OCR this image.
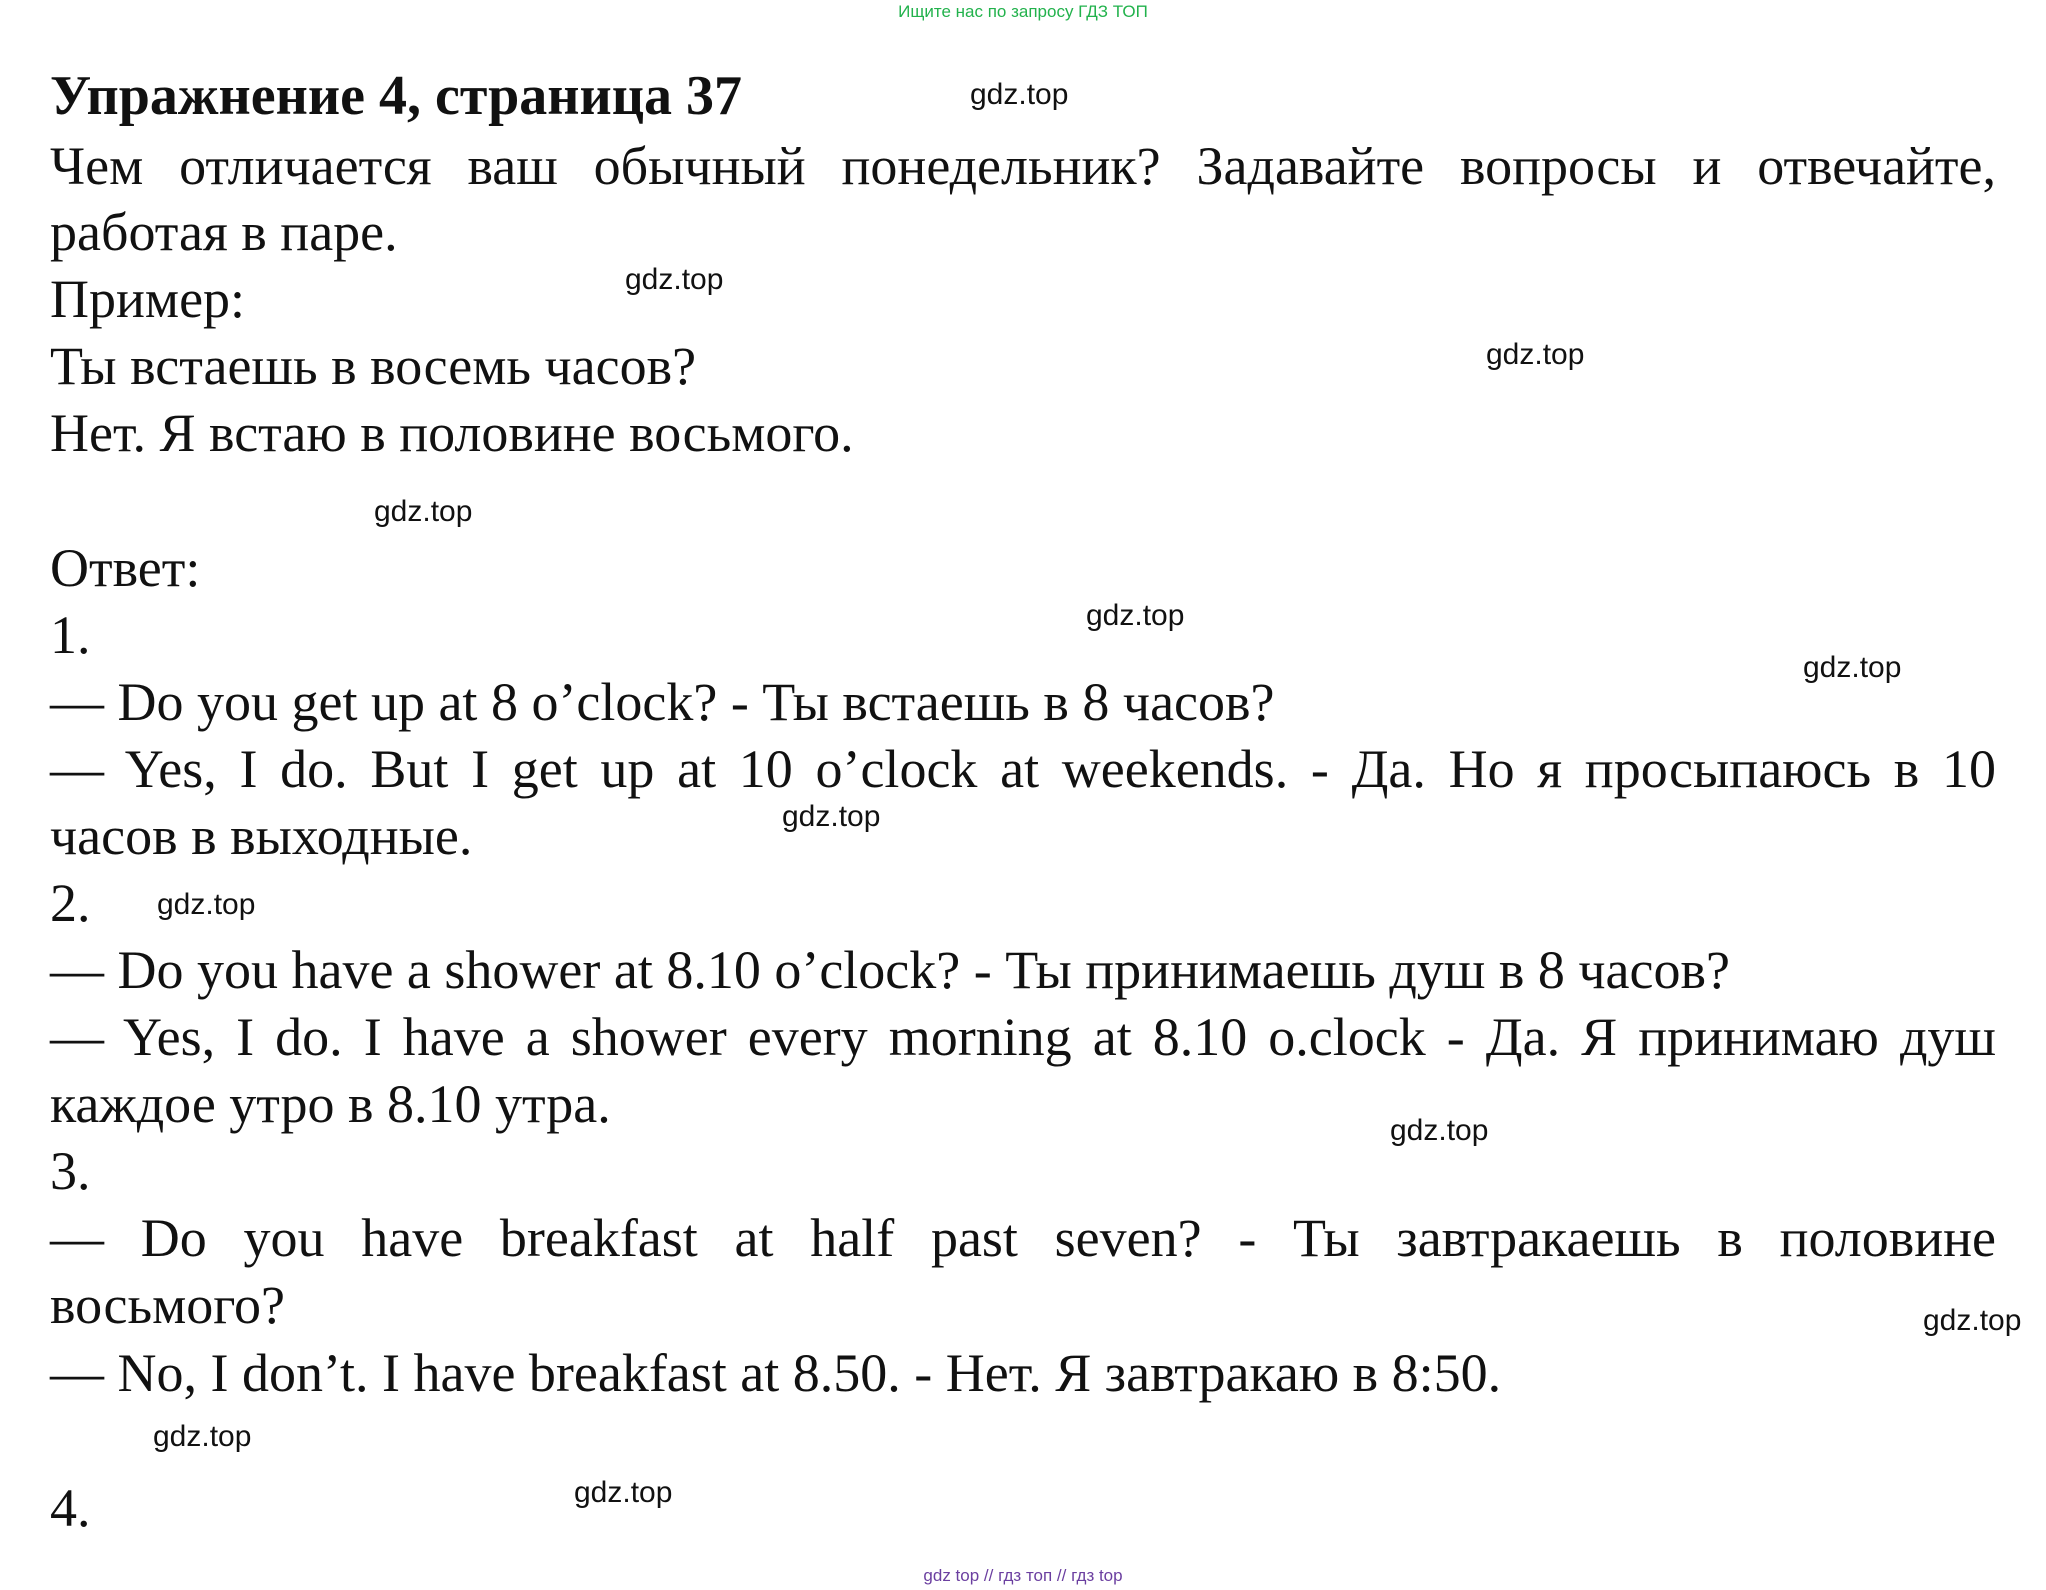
Ищите нас по запросу ГДЗ ТОП
Упражнение 4, страница 37
Чем отличается ваш обычный понедельник? Задавайте вопросы и отвечайте,
работая в паре.
Пример:
Ты встаешь в восемь часов?
Нет. Я встаю в половине восьмого.
Ответ:
1.
— Do you get up at 8 o’clock? - Ты встаешь в 8 часов?
— Yes, I do. But I get up at 10 o’clock at weekends. - Да. Но я просыпаюсь в 10
часов в выходные.
2.
— Do you have a shower at 8.10 o’clock? - Ты принимаешь душ в 8 часов?
— Yes, I do. I have a shower every morning at 8.10 o.clock - Да. Я принимаю душ
каждое утро в 8.10 утра.
3.
— Do you have breakfast at half past seven? - Ты завтракаешь в половине
восьмого?
— No, I don’t. I have breakfast at 8.50. - Нет. Я завтракаю в 8:50.
4.
gdz.top
gdz.top
gdz.top
gdz.top
gdz.top
gdz.top
gdz.top
gdz.top
gdz.top
gdz.top
gdz.top
gdz.top
gdz top // гдз топ // гдз top
